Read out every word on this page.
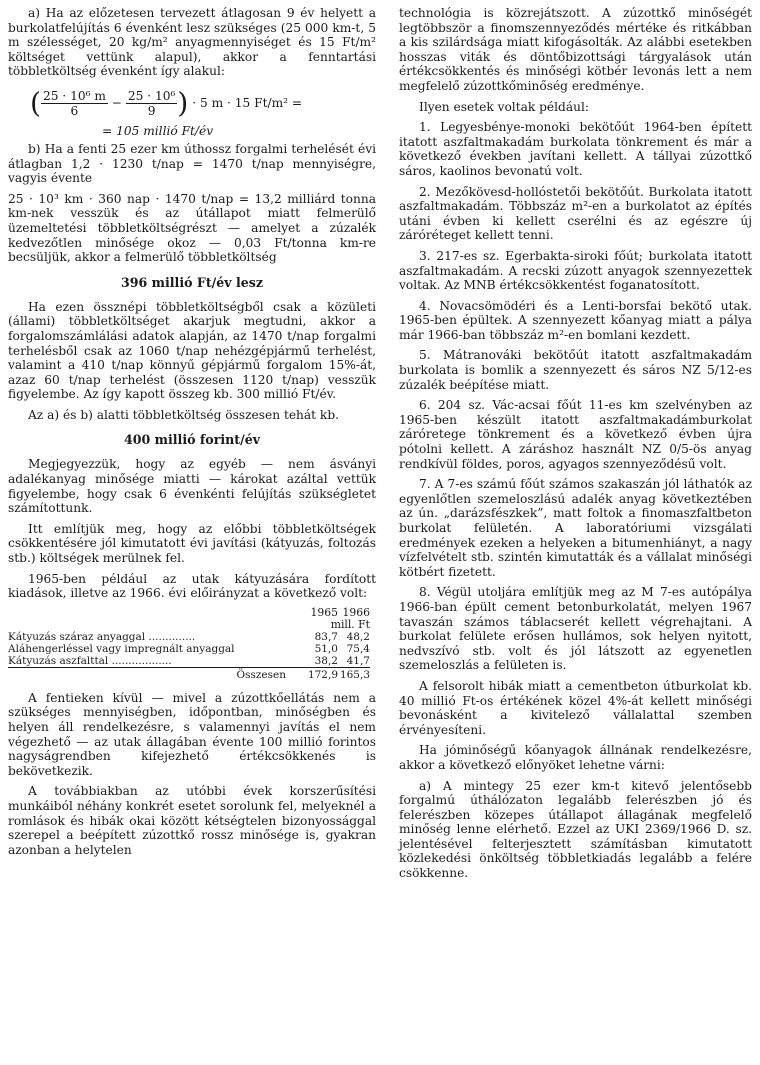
a) Ha az előzetesen tervezett átlagosan 9 év helyett a burkolatfelújítás 6 évenként lesz szükséges (25 000 km-t, 5 m szélességet, 20 kg/m² anyagmennyiséget és 15 Ft/m² költséget vettünk alapul), akkor a fenntartási többletköltség évenként így alakul:

( $\frac{\text{25 · 10⁶ m}}{6} - \frac{\text{25 · 10⁶}}{9}$ ) · 5 m · 15 Ft/m² =
= 105 millió Ft/év

b) Ha a fenti 25 ezer km úthossz forgalmi terhelését évi átlagban 1,2 · 1230 t/nap = 1470 t/nap mennyiségre, vagyis évente

25 · 10³ km · 360 nap · 1470 t/nap = 13,2 milliárd tonna km-nek vesszük és az útállapot miatt felmerülő üzemeltetési többletköltségrészt — amelyet a zúzalék kedvezőtlen minősége okoz — 0,03 Ft/tonna km-re becsüljük, akkor a felmerülő többletköltség

396 millió Ft/év lesz

Ha ezen össznépi többletköltségből csak a közületi (állami) többletköltséget akarjuk megtudni, akkor a forgalomszámlálási adatok alapján, az 1470 t/nap forgalmi terhelésből csak az 1060 t/nap nehézgépjármű terhelést, valamint a 410 t/nap könnyű gépjármű forgalom 15%-át, azaz 60 t/nap terhelést (összesen 1120 t/nap) vesszük figyelembe. Az így kapott összeg kb. 300 millió Ft/év.

Az a) és b) alatti többletköltség összesen tehát kb.

400 millió forint/év

Megjegyezzük, hogy az egyéb — nem ásványi adalékanyag minősége miatti — károkat azáltal vettük figyelembe, hogy csak 6 évenkénti felújítás szükségletet számítottunk.

Itt említjük meg, hogy az előbbi többletköltségek csökkentésére jól kimutatott évi javítási (kátyuzás, foltozás stb.) költségek merülnek fel.

1965-ben például az utak kátyuzására fordított kiadások, illetve az 1966. évi előirányzat a következő volt:

	1965	1966
	mill. Ft	
Kátyuzás száraz anyaggal ..............	83,7	48,2
Aláhengerléssel vagy impregnált anyaggal	51,0	75,4
Kátyuzás aszfalttal ..................	38,2	41,7
Összesen	172,9	165,3

A fentieken kívül — mivel a zúzottkőellátás nem a szükséges mennyiségben, időpontban, minőségben és helyen áll rendelkezésre, s valamennyi javítás el nem végezhető — az utak állagában évente 100 millió forintos nagyságrendben kifejezhető értékcsökkenés is bekövetkezik.

A továbbiakban az utóbbi évek korszerűsítési munkáiból néhány konkrét esetet sorolunk fel, melyeknél a romlások és hibák okai között kétségtelen bizonyossággal szerepel a beépített zúzottkő rossz minősége is, gyakran azonban a helytelen

technológia is közrejátszott. A zúzottkő minőségét legtöbbször a finomszennyeződés mértéke és ritkábban a kis szilárdsága miatt kifogásolták. Az alábbi esetekben hosszas viták és döntőbizottsági tárgyalások után értékcsökkentés és minőségi kötbér levonás lett a nem megfelelő zúzottkőminőség eredménye.

Ilyen esetek voltak például:

1. Legyesbénye-monoki bekötőút 1964-ben épített itatott aszfaltmakadám burkolata tönkrement és már a következő években javítani kellett. A tállyai zúzottkő sáros, kaolinos bevonatú volt.

2. Mezőkövesd-hollóstetői bekötőút. Burkolata itatott aszfaltmakadám. Többszáz m²-en a burkolatot az építés utáni évben ki kellett cserélni és az egészre új záróréteget kellett tenni.

3. 217-es sz. Egerbakta-siroki főút; burkolata itatott aszfaltmakadám. A recski zúzott anyagok szennyezettek voltak. Az MNB értékcsökkentést foganatosított.

4. Novacsömödéri és a Lenti-borsfai bekötő utak. 1965-ben épültek. A szennyezett kőanyag miatt a pálya már 1966-ban többszáz m²-en bomlani kezdett.

5. Mátranováki bekötőút itatott aszfaltmakadám burkolata is bomlik a szennyezett és sáros NZ 5/12-es zúzalék beépítése miatt.

6. 204 sz. Vác-acsai főút 11-es km szelvényben az 1965-ben készült itatott aszfaltmakadámburkolat záróretege tönkrement és a következő évben újra pótolni kellett. A záráshoz használt NZ 0/5-ös anyag rendkívül földes, poros, agyagos szennyeződésű volt.

7. A 7-es számú főút számos szakaszán jól láthatók az egyenlőtlen szemeloszlású adalék anyag következtében az ún. „darázsfészkek”, matt foltok a finomaszfaltbeton burkolat felületén. A laboratóriumi vizsgálati eredmények ezeken a helyeken a bitumenhiányt, a nagy vízfelvételt stb. szintén kimutatták és a vállalat minőségi kötbért fizetett.

8. Végül utoljára említjük meg az M 7-es autópálya 1966-ban épült cement betonburkolatát, melyen 1967 tavaszán számos táblacserét kellett végrehajtani. A burkolat felülete erősen hullámos, sok helyen nyitott, nedvszívó stb. volt és jól látszott az egyenetlen szemeloszlás a felületen is.

A felsorolt hibák miatt a cementbeton útburkolat kb. 40 millió Ft-os értékének közel 4%-át kellett minőségi bevonásként a kivitelező vállalattal szemben érvényesíteni.

Ha jóminőségű kőanyagok állnának rendelkezésre, akkor a következő előnyöket lehetne várni:

a) A mintegy 25 ezer km-t kitevő jelentősebb forgalmú úthálózaton legalább felerészben jó és felerészben közepes útállapot állagának megfelelő minőség lenne elérhető. Ezzel az UKI 2369/1966 D. sz. jelentésével felterjesztett számításban kimutatott közlekedési önköltség többletkiadás legalább a felére csökkenne.
